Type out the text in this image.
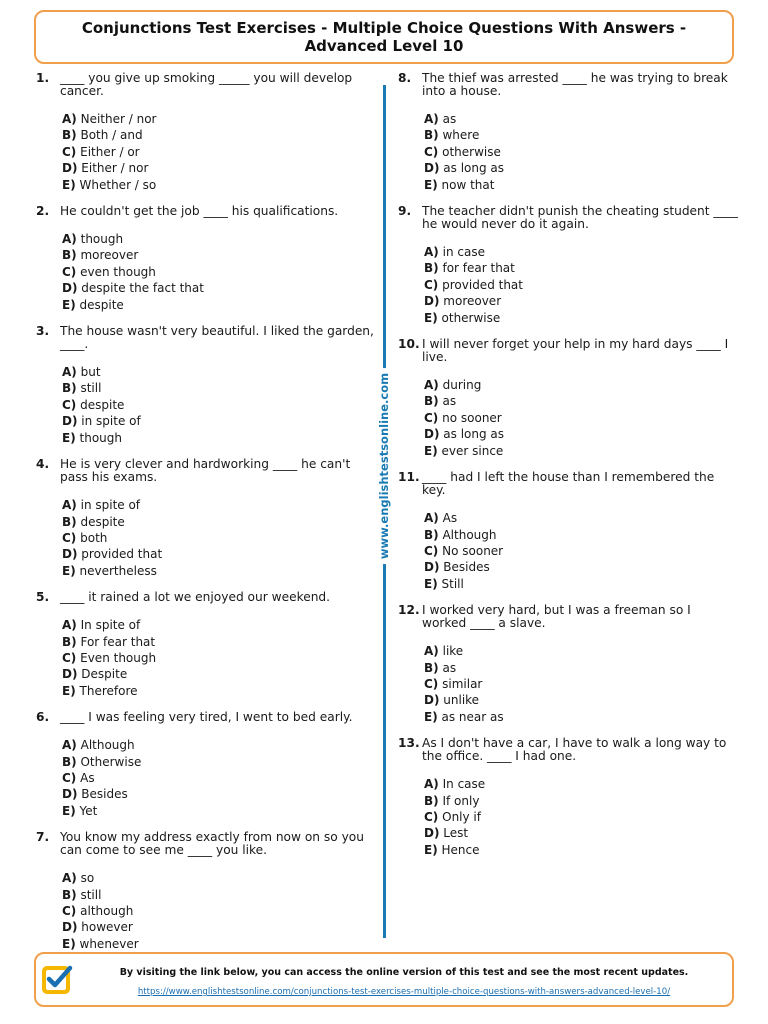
Conjunctions Test Exercises - Multiple Choice Questions With Answers -
Advanced Level 10
1. ____ you give up smoking _____ you will develop cancer.
A) Neither / nor
B) Both / and
C) Either / or
D) Either / nor
E) Whether / so
2. He couldn't get the job ____ his qualifications.
A) though
B) moreover
C) even though
D) despite the fact that
E) despite
3. The house wasn't very beautiful. I liked the garden, ____.
A) but
B) still
C) despite
D) in spite of
E) though
4. He is very clever and hardworking ____ he can't pass his exams.
A) in spite of
B) despite
C) both
D) provided that
E) nevertheless
5. ____ it rained a lot we enjoyed our weekend.
A) In spite of
B) For fear that
C) Even though
D) Despite
E) Therefore
6. ____ I was feeling very tired, I went to bed early.
A) Although
B) Otherwise
C) As
D) Besides
E) Yet
7. You know my address exactly from now on so you can come to see me ____ you like.
A) so
B) still
C) although
D) however
E) whenever
8. The thief was arrested ____ he was trying to break into a house.
A) as
B) where
C) otherwise
D) as long as
E) now that
9. The teacher didn't punish the cheating student ____ he would never do it again.
A) in case
B) for fear that
C) provided that
D) moreover
E) otherwise
10. I will never forget your help in my hard days ____ I live.
A) during
B) as
C) no sooner
D) as long as
E) ever since
11. ____ had I left the house than I remembered the key.
A) As
B) Although
C) No sooner
D) Besides
E) Still
12. I worked very hard, but I was a freeman so I worked ____ a slave.
A) like
B) as
C) similar
D) unlike
E) as near as
13. As I don't have a car, I have to walk a long way to the office. ____ I had one.
A) In case
B) If only
C) Only if
D) Lest
E) Hence
www.englishtestsonline.com
By visiting the link below, you can access the online version of this test and see the most recent updates.
https://www.englishtestsonline.com/conjunctions-test-exercises-multiple-choice-questions-with-answers-advanced-level-10/
